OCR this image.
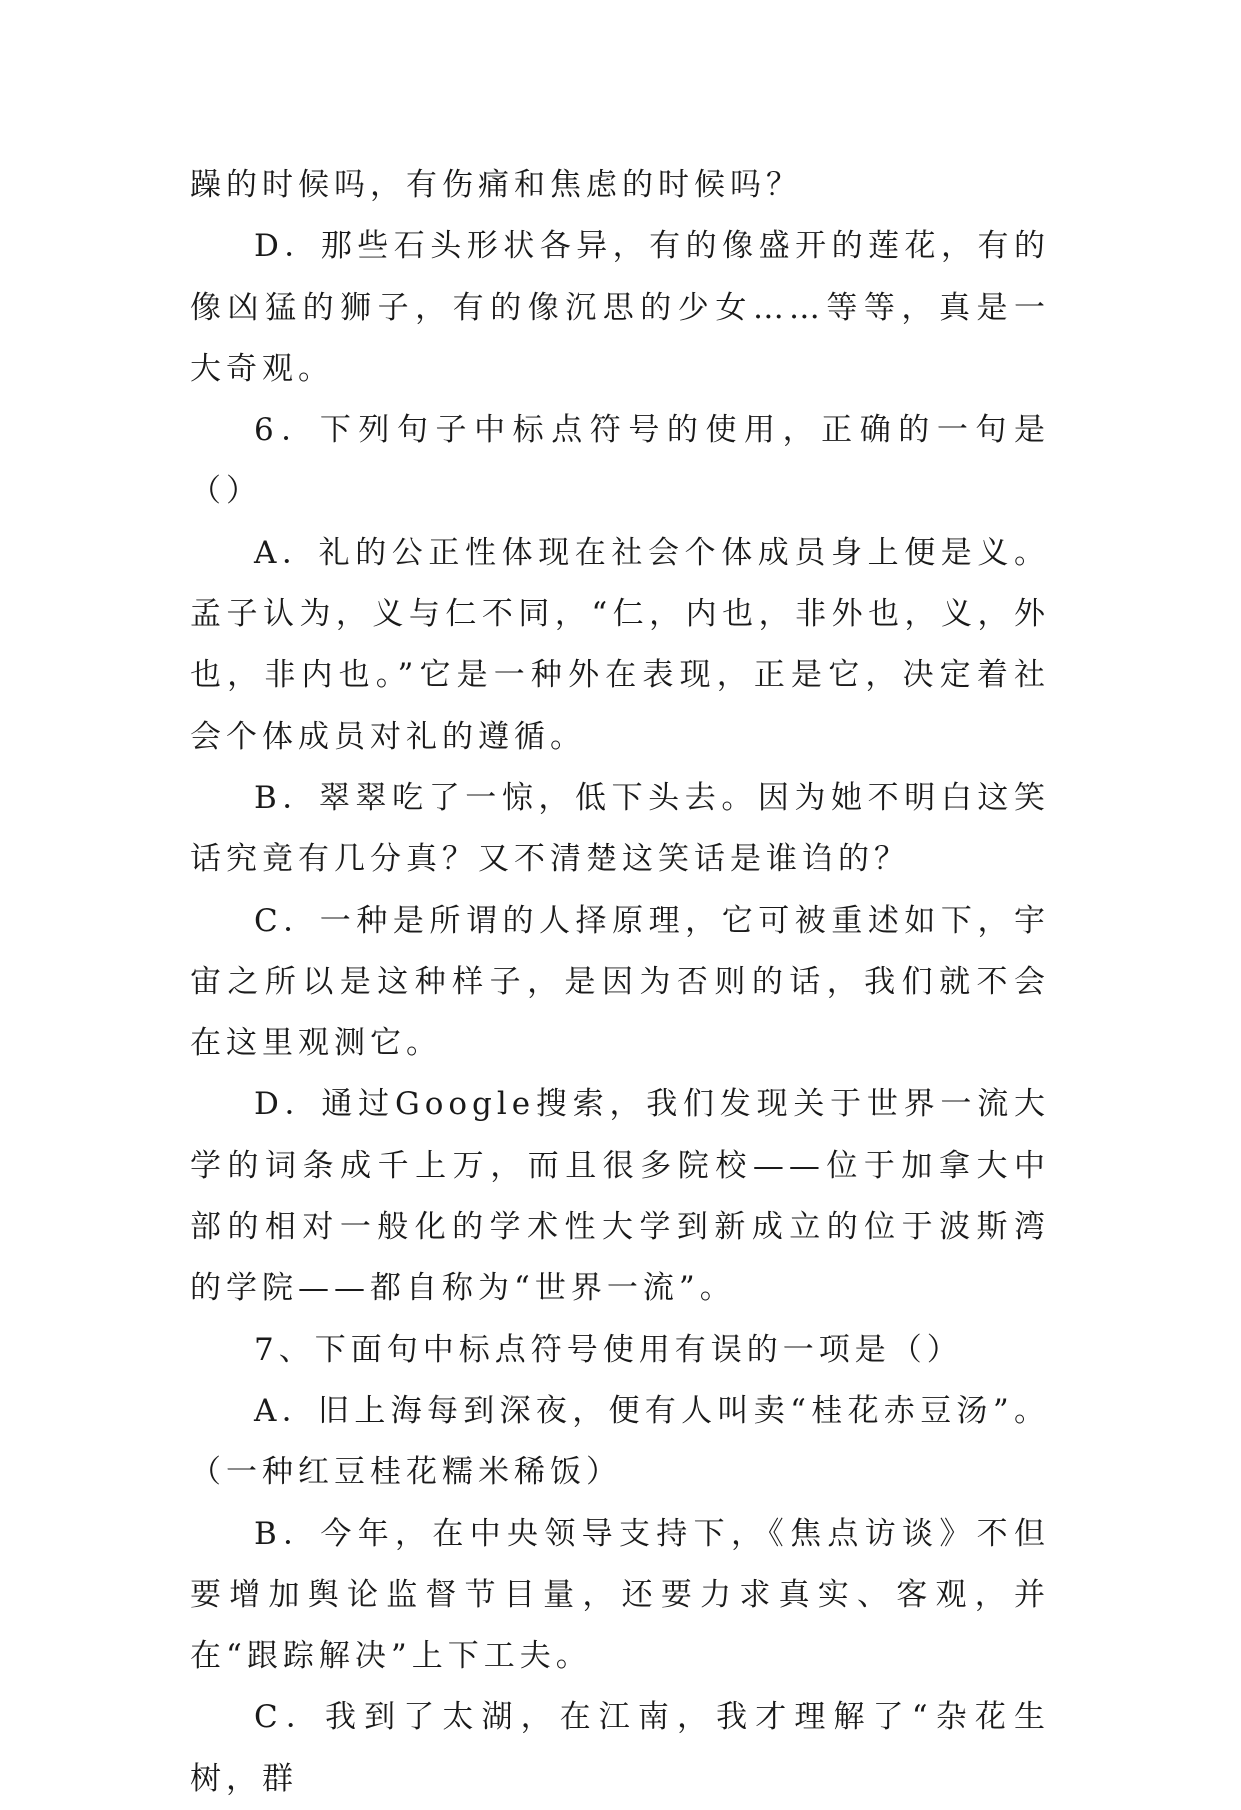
躁的时候吗，有伤痛和焦虑的时候吗？

D．那些石头形状各异，有的像盛开的莲花，有的像凶猛的狮子，有的像沉思的少女……等等，真是一大奇观。

6．下列句子中标点符号的使用，正确的一句是（）

A．礼的公正性体现在社会个体成员身上便是义。孟子认为，义与仁不同，“仁，内也，非外也，义，外也，非内也。”它是一种外在表现，正是它，决定着社会个体成员对礼的遵循。

B．翠翠吃了一惊，低下头去。因为她不明白这笑话究竟有几分真？又不清楚这笑话是谁诌的？

C．一种是所谓的人择原理，它可被重述如下，宇宙之所以是这种样子，是因为否则的话，我们就不会在这里观测它。

D．通过Google搜索，我们发现关于世界一流大学的词条成千上万，而且很多院校——位于加拿大中部的相对一般化的学术性大学到新成立的位于波斯湾的学院——都自称为“世界一流”。

7、下面句中标点符号使用有误的一项是（）

A．旧上海每到深夜，便有人叫卖“桂花赤豆汤”。（一种红豆桂花糯米稀饭）

B．今年，在中央领导支持下，《焦点访谈》不但要增加舆论监督节目量，还要力求真实、客观，并在“跟踪解决”上下工夫。

C．我到了太湖，在江南，我才理解了“杂花生树，群
